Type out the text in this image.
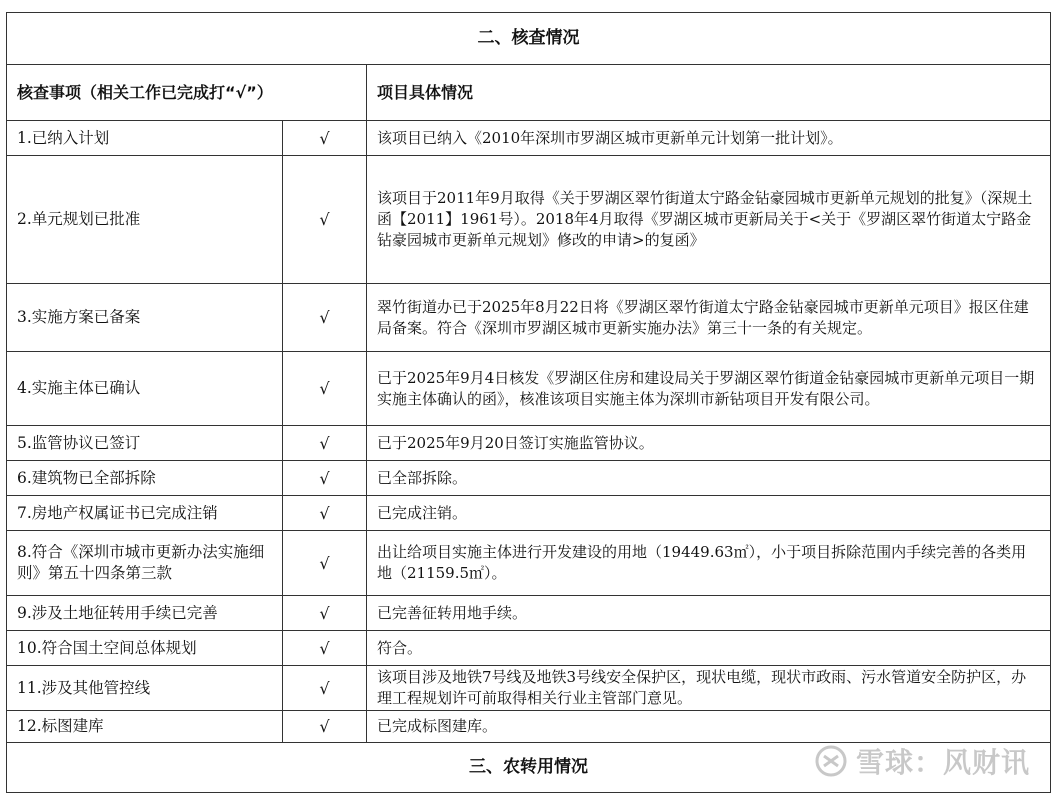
二、核查情况		
核查事项（相关工作已完成打“√”）		项目具体情况
1.已纳入计划	√	该项目已纳入《2010年深圳市罗湖区城市更新单元计划第一批计划》。
2.单元规划已批准	√	该项目于2011年9月取得《关于罗湖区翠竹街道太宁路金钻豪园城市更新单元规划的批复》（深规土函【2011】1961号）。2018年4月取得《罗湖区城市更新局关于<关于《罗湖区翠竹街道太宁路金钻豪园城市更新单元规划》修改的申请>的复函》
3.实施方案已备案	√	翠竹街道办已于2025年8月22日将《罗湖区翠竹街道太宁路金钻豪园城市更新单元项目》报区住建局备案。符合《深圳市罗湖区城市更新实施办法》第三十一条的有关规定。
4.实施主体已确认	√	已于2025年9月4日核发《罗湖区住房和建设局关于罗湖区翠竹街道金钻豪园城市更新单元项目一期实施主体确认的函》，核准该项目实施主体为深圳市新钻项目开发有限公司。
5.监管协议已签订	√	已于2025年9月20日签订实施监管协议。
6.建筑物已全部拆除	√	已全部拆除。
7.房地产权属证书已完成注销	√	已完成注销。
8.符合《深圳市城市更新办法实施细则》第五十四条第三款	√	出让给项目实施主体进行开发建设的用地（19449.63㎡），小于项目拆除范围内手续完善的各类用地（21159.5㎡）。
9.涉及土地征转用手续已完善	√	已完善征转用地手续。
10.符合国土空间总体规划	√	符合。
11.涉及其他管控线	√	该项目涉及地铁7号线及地铁3号线安全保护区，现状电缆，现状市政雨、污水管道安全防护区，办理工程规划许可前取得相关行业主管部门意见。
12.标图建库	√	已完成标图建库。
三、农转用情况			雪球：风财讯
